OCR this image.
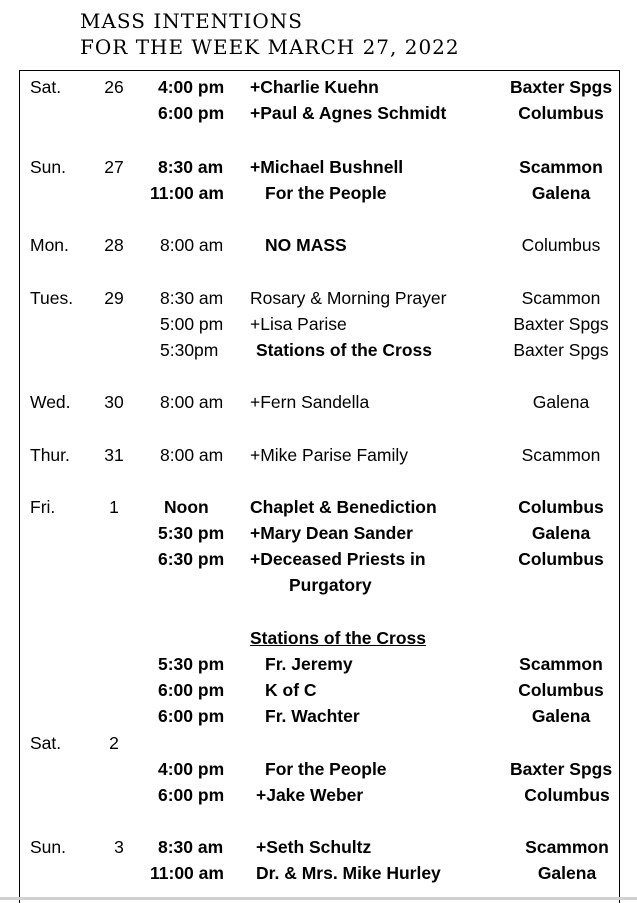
MASS INTENTIONS
FOR THE WEEK MARCH 27, 2022
Sat.	26	4:00 pm +Charlie Kuehn	Baxter Spgs
6:00 pm +Paul & Agnes Schmidt	Columbus
Sun.	27	8:30 am +Michael Bushnell	Scammon
11:00 am For the People	Galena
Mon.	28	8:00 am NO MASS	Columbus
Tues.	29	8:30 am Rosary & Morning Prayer	Scammon
5:00 pm +Lisa Parise	Baxter Spgs
5:30pm Stations of the Cross	Baxter Spgs
Wed.	30	8:00 am +Fern Sandella	Galena
Thur.	31	8:00 am +Mike Parise Family	Scammon
Fri.	1	Noon Chaplet & Benediction	Columbus
5:30 pm +Mary Dean Sander	Galena
6:30 pm +Deceased Priests in	Columbus
Purgatory
Stations of the Cross
5:30 pm Fr. Jeremy	Scammon
6:00 pm K of C	Columbus
6:00 pm Fr. Wachter	Galena
Sat.	2
4:00 pm For the People	Baxter Spgs
6:00 pm +Jake Weber	Columbus
Sun.	3	8:30 am +Seth Schultz	Scammon
11:00 am Dr. & Mrs. Mike Hurley	Galena
